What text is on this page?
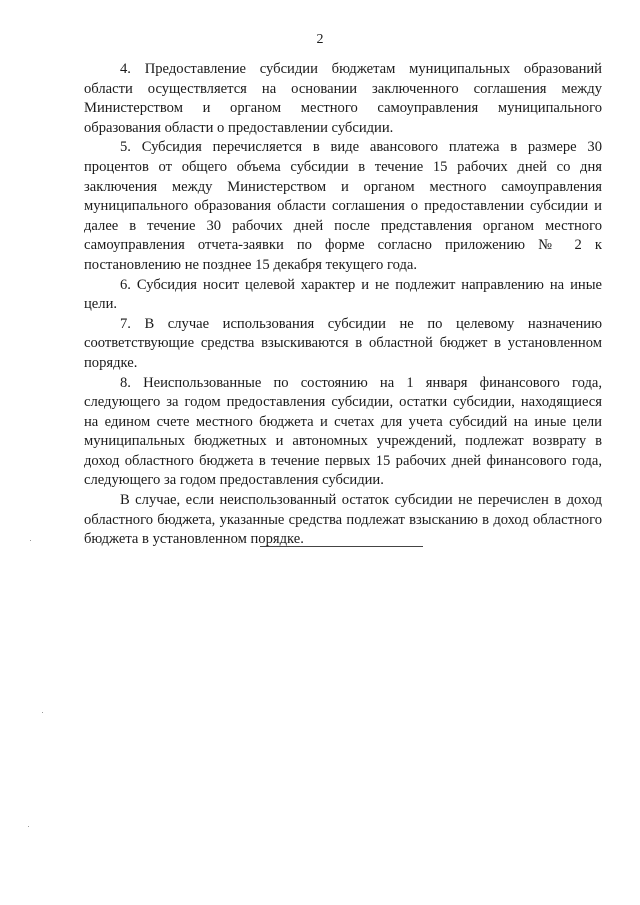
2

4. Предоставление субсидии бюджетам муниципальных образований области осуществляется на основании заключенного соглашения между Министерством и органом местного самоуправления муниципального образования области о предоставлении субсидии.

5. Субсидия перечисляется в виде авансового платежа в размере 30 процентов от общего объема субсидии в течение 15 рабочих дней со дня заключения между Министерством и органом местного самоуправления муниципального образования области соглашения о предоставлении субсидии и далее в течение 30 рабочих дней после представления органом местного самоуправления отчета-заявки по форме согласно приложению № 2 к постановлению не позднее 15 декабря текущего года.

6. Субсидия носит целевой характер и не подлежит направлению на иные цели.

7. В случае использования субсидии не по целевому назначению соответствующие средства взыскиваются в областной бюджет в установленном порядке.

8. Неиспользованные по состоянию на 1 января финансового года, следующего за годом предоставления субсидии, остатки субсидии, находящиеся на едином счете местного бюджета и счетах для учета субсидий на иные цели муниципальных бюджетных и автономных учреждений, подлежат возврату в доход областного бюджета в течение первых 15 рабочих дней финансового года, следующего за годом предоставления субсидии.

В случае, если неиспользованный остаток субсидии не перечислен в доход областного бюджета, указанные средства подлежат взысканию в доход областного бюджета в установленном порядке.
